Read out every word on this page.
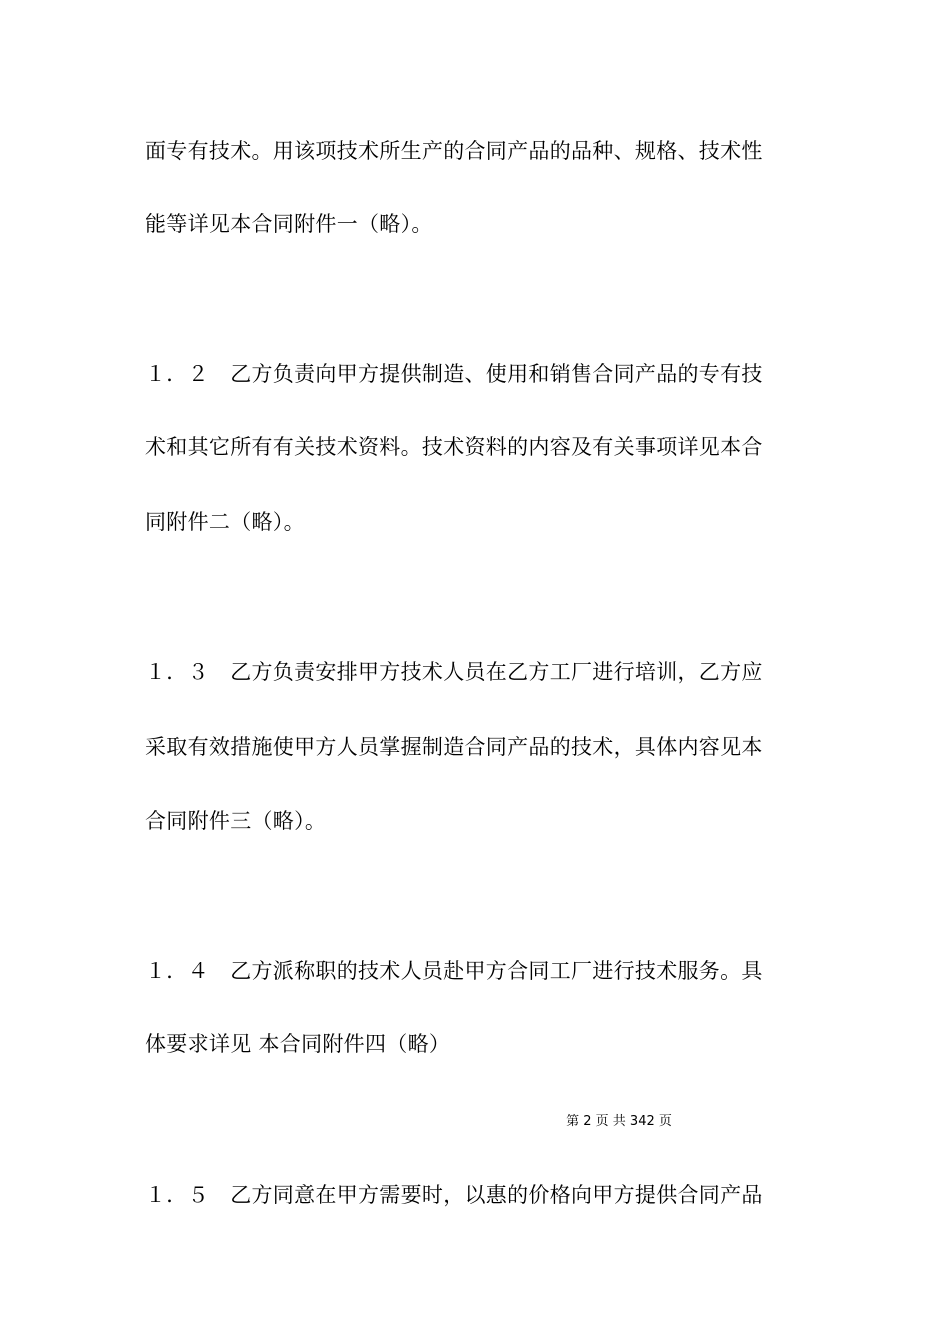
面专有技术。用该项技术所生产的合同产品的品种、规格、技术性
能等详见本合同附件一（略）。
１．２　乙方负责向甲方提供制造、使用和销售合同产品的专有技
术和其它所有有关技术资料。技术资料的内容及有关事项详见本合
同附件二（略）。
１．３　乙方负责安排甲方技术人员在乙方工厂进行培训，乙方应
采取有效措施使甲方人员掌握制造合同产品的技术，具体内容见本
合同附件三（略）。
１．４　乙方派称职的技术人员赴甲方合同工厂进行技术服务。具
体要求详见 本合同附件四（略）
第 2 页 共 342 页
１．５　乙方同意在甲方需要时，以惠的价格向甲方提供合同产品
